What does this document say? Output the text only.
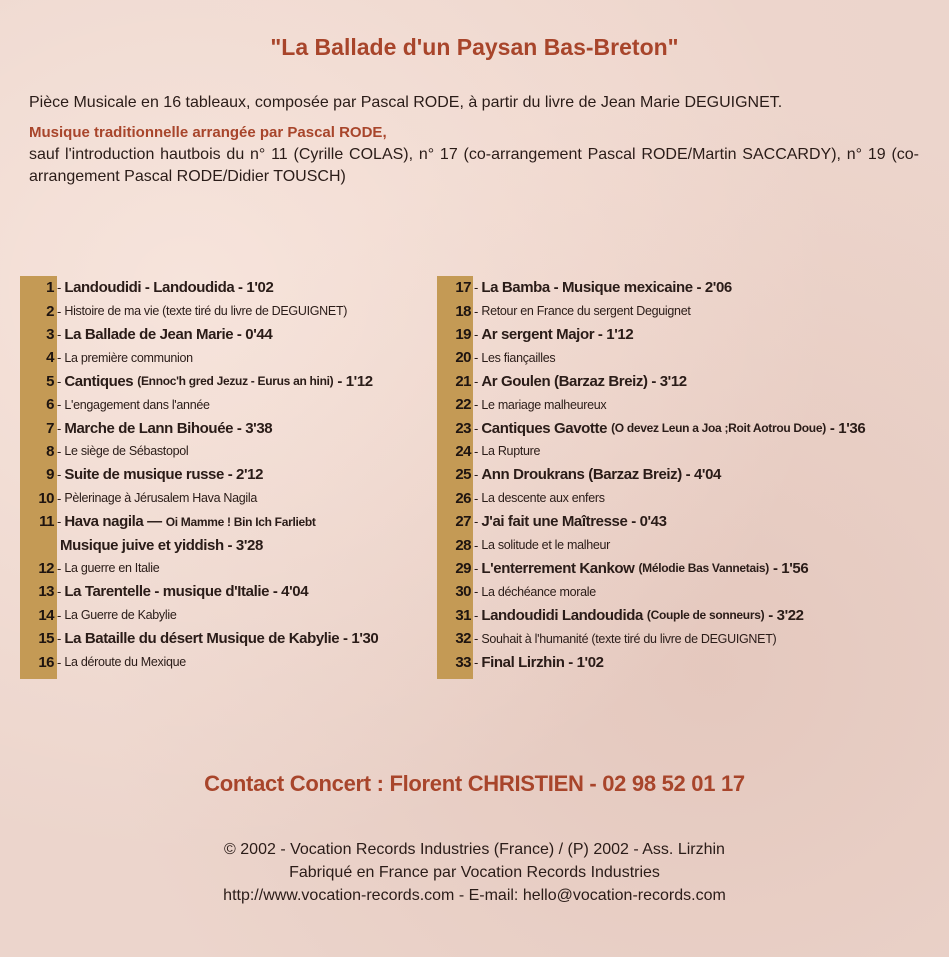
"La Ballade d'un Paysan Bas-Breton"

Pièce Musicale en 16 tableaux, composée par Pascal RODE, à partir du livre de Jean Marie DEGUIGNET.

Musique traditionnelle arrangée par Pascal RODE,

sauf l'introduction hautbois du n° 11 (Cyrille COLAS), n° 17 (co-arrangement Pascal RODE/Martin SACCARDY), n° 19 (co-arrangement Pascal RODE/Didier TOUSCH)

1 - Landoudidi - Landoudida - 1'02
2 - Histoire de ma vie (texte tiré du livre de DEGUIGNET)
3 - La Ballade de Jean Marie - 0'44
4 - La première communion
5 - Cantiques (Ennoc'h gred Jezuz - Eurus an hini) - 1'12
6 - L'engagement dans l'année
7 - Marche de Lann Bihouée - 3'38
8 - Le siège de Sébastopol
9 - Suite de musique russe - 2'12
10 - Pèlerinage à Jérusalem Hava Nagila
11 - Hava nagila — Oi Mamme ! Bin Ich Farliebt
Musique juive et yiddish - 3'28
12 - La guerre en Italie
13 - La Tarentelle - musique d'Italie - 4'04
14 - La Guerre de Kabylie
15 - La Bataille du désert Musique de Kabylie - 1'30
16 - La déroute du Mexique
17 - La Bamba - Musique mexicaine - 2'06
18 - Retour en France du sergent Deguignet
19 - Ar sergent Major - 1'12
20 - Les fiançailles
21 - Ar Goulen (Barzaz Breiz) - 3'12
22 - Le mariage malheureux
23 - Cantiques Gavotte (O devez Leun a Joa ;Roit Aotrou Doue) - 1'36
24 - La Rupture
25 - Ann Droukrans (Barzaz Breiz) - 4'04
26 - La descente aux enfers
27 - J'ai fait une Maîtresse - 0'43
28 - La solitude et le malheur
29 - L'enterrement Kankow (Mélodie Bas Vannetais) - 1'56
30 - La déchéance morale
31 - Landoudidi Landoudida (Couple de sonneurs) - 3'22
32 - Souhait à l'humanité (texte tiré du livre de DEGUIGNET)
33 - Final Lirzhin - 1'02
Contact Concert : Florent CHRISTIEN - 02 98 52 01 17
© 2002 - Vocation Records Industries (France) / (P) 2002 - Ass. Lirzhin
Fabriqué en France par Vocation Records Industries
http://www.vocation-records.com - E-mail: hello@vocation-records.com
